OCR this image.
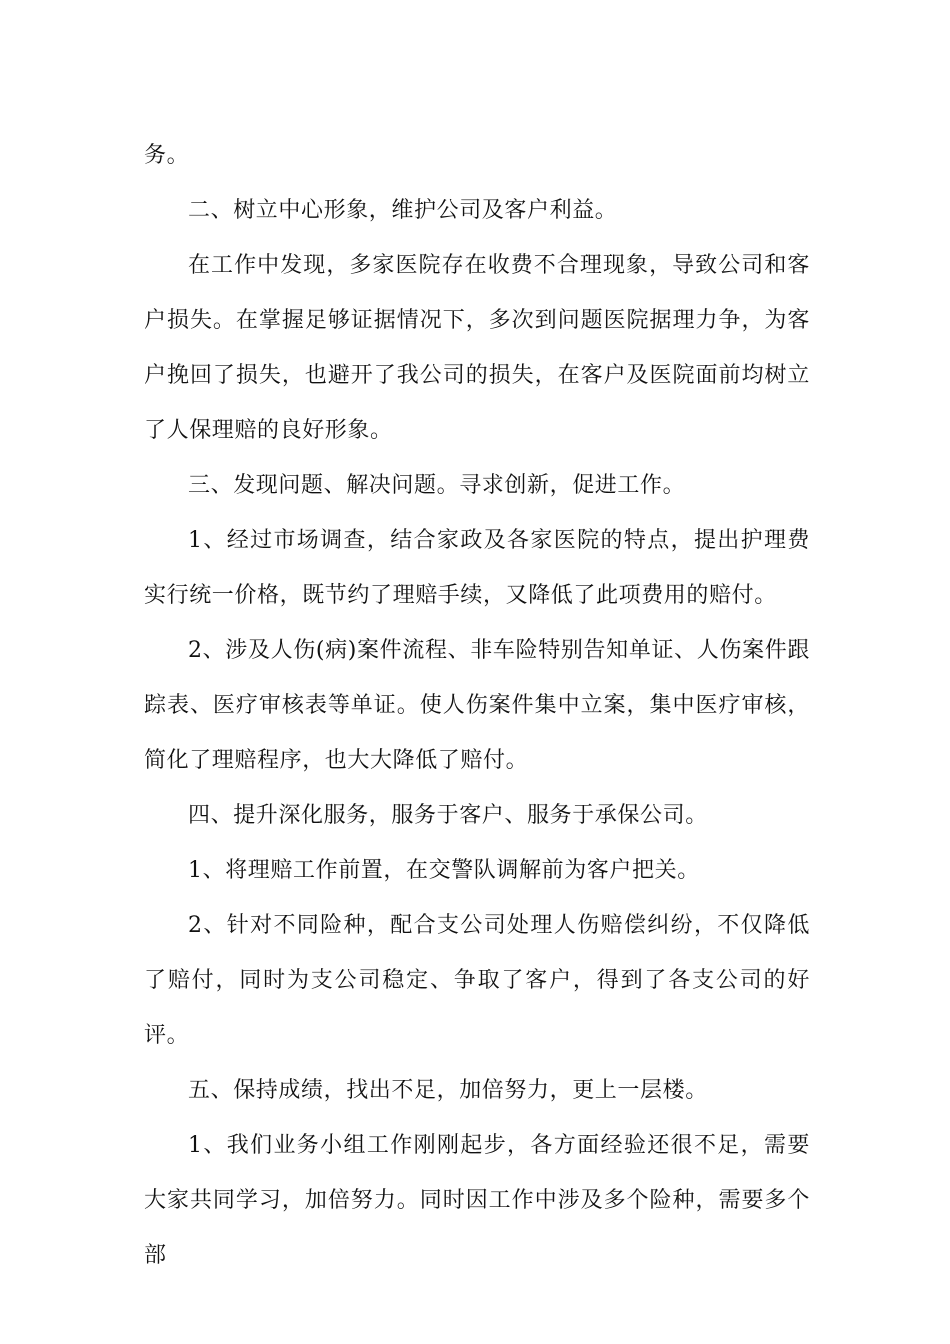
务。

二、树立中心形象，维护公司及客户利益。

在工作中发现，多家医院存在收费不合理现象，导致公司和客户损失。在掌握足够证据情况下，多次到问题医院据理力争，为客户挽回了损失，也避开了我公司的损失，在客户及医院面前均树立了人保理赔的良好形象。

三、发现问题、解决问题。寻求创新，促进工作。

1、经过市场调查，结合家政及各家医院的特点，提出护理费实行统一价格，既节约了理赔手续，又降低了此项费用的赔付。

2、涉及人伤(病)案件流程、非车险特别告知单证、人伤案件跟踪表、医疗审核表等单证。使人伤案件集中立案，集中医疗审核，简化了理赔程序，也大大降低了赔付。

四、提升深化服务，服务于客户、服务于承保公司。

1、将理赔工作前置，在交警队调解前为客户把关。

2、针对不同险种，配合支公司处理人伤赔偿纠纷，不仅降低了赔付，同时为支公司稳定、争取了客户，得到了各支公司的好评。

五、保持成绩，找出不足，加倍努力，更上一层楼。

1、我们业务小组工作刚刚起步，各方面经验还很不足，需要大家共同学习，加倍努力。同时因工作中涉及多个险种，需要多个部
